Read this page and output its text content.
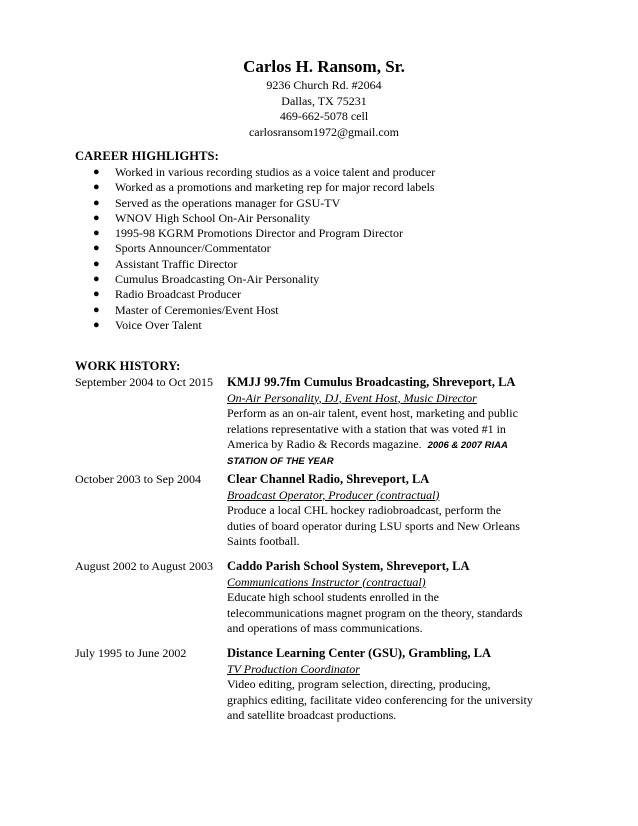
Carlos H. Ransom, Sr.
9236 Church Rd. #2064
Dallas, TX 75231
469-662-5078 cell
carlosransom1972@gmail.com
CAREER HIGHLIGHTS:
● Worked in various recording studios as a voice talent and producer
● Worked as a promotions and marketing rep for major record labels
● Served as the operations manager for GSU-TV
● WNOV High School On-Air Personality
● 1995-98 KGRM Promotions Director and Program Director
● Sports Announcer/Commentator
● Assistant Traffic Director
● Cumulus Broadcasting On-Air Personality
● Radio Broadcast Producer
● Master of Ceremonies/Event Host
● Voice Over Talent
WORK HISTORY:
September 2004 to Oct 2015 KMJJ 99.7fm Cumulus Broadcasting, Shreveport, LA
On-Air Personality, DJ, Event Host, Music Director
Perform as an on-air talent, event host, marketing and public
relations representative with a station that was voted #1 in
America by Radio & Records magazine. 2006 & 2007 RIAA
STATION OF THE YEAR
October 2003 to Sep 2004 Clear Channel Radio, Shreveport, LA
Broadcast Operator, Producer (contractual)
Produce a local CHL hockey radiobroadcast, perform the
duties of board operator during LSU sports and New Orleans
Saints football.
August 2002 to August 2003 Caddo Parish School System, Shreveport, LA
Communications Instructor (contractual)
Educate high school students enrolled in the
telecommunications magnet program on the theory, standards
and operations of mass communications.
July 1995 to June 2002	Distance Learning Center (GSU), Grambling, LA
TV Production Coordinator
Video editing, program selection, directing, producing,
graphics editing, facilitate video conferencing for the university
and satellite broadcast productions.
